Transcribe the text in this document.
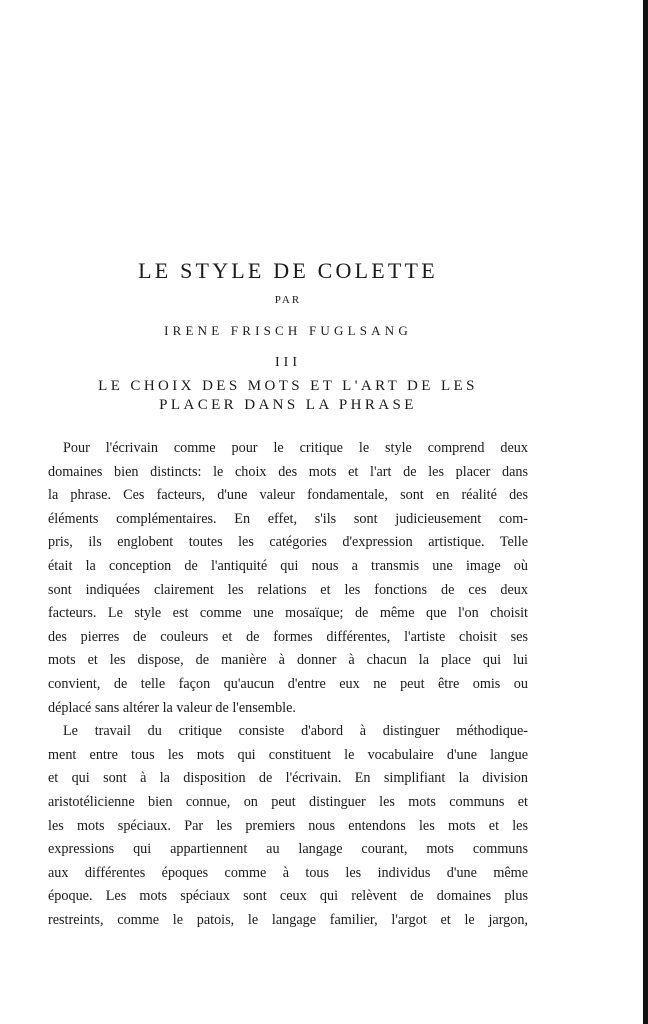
LE STYLE DE COLETTE
PAR
IRENE FRISCH FUGLSANG
III
LE CHOIX DES MOTS ET L'ART DE LES
PLACER DANS LA PHRASE

Pour l'écrivain comme pour le critique le style comprend deux
domaines bien distincts: le choix des mots et l'art de les placer dans
la phrase. Ces facteurs, d'une valeur fondamentale, sont en réalité des
éléments complémentaires. En effet, s'ils sont judicieusement com-
pris, ils englobent toutes les catégories d'expression artistique. Telle
était la conception de l'antiquité qui nous a transmis une image où
sont indiquées clairement les relations et les fonctions de ces deux
facteurs. Le style est comme une mosaïque; de même que l'on choisit
des pierres de couleurs et de formes différentes, l'artiste choisit ses
mots et les dispose, de manière à donner à chacun la place qui lui
convient, de telle façon qu'aucun d'entre eux ne peut être omis ou
déplacé sans altérer la valeur de l'ensemble.

Le travail du critique consiste d'abord à distinguer méthodique-
ment entre tous les mots qui constituent le vocabulaire d'une langue
et qui sont à la disposition de l'écrivain. En simplifiant la division
aristotélicienne bien connue, on peut distinguer les mots communs et
les mots spéciaux. Par les premiers nous entendons les mots et les
expressions qui appartiennent au langage courant, mots communs
aux différentes époques comme à tous les individus d'une même
époque. Les mots spéciaux sont ceux qui relèvent de domaines plus
restreints, comme le patois, le langage familier, l'argot et le jargon,
